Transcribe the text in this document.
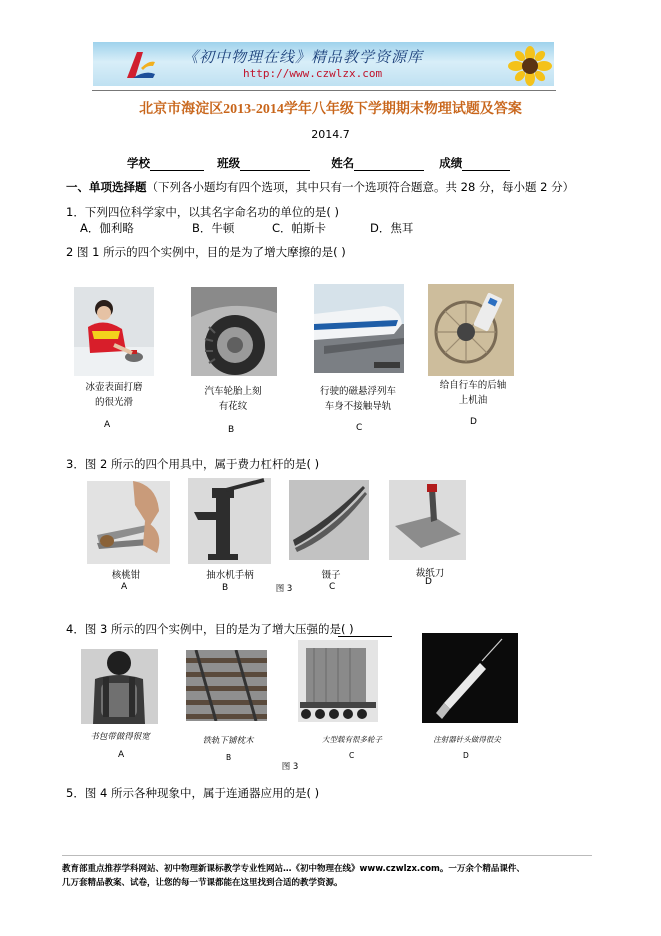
《初中物理在线》精品教学资源库
http://www.czwlzx.com
北京市海淀区2013-2014学年八年级下学期期末物理试题及答案
2014.7
学校	班级	姓名	成绩
一、单项选择题（下列各小题均有四个选项，其中只有一个选项符合题意。共 28 分，每小题 2 分）
1．下列四位科学家中，以其名字命名功的单位的是( )
A．伽利略	B．牛顿	C．帕斯卡	D．焦耳
2 图 1 所示的四个实例中，目的是为了增大摩擦的是( )
冰壶表面打磨
的很光滑
汽车轮胎上刻
有花纹
行驶的磁悬浮列车
车身不接触导轨
给自行车的后轴
上机油
A	B	C
D
3．图 2 所示的四个用具中，属于费力杠杆的是( )
核桃钳	抽水机手柄	镊子	裁纸刀
图 3
A	B	C	D
4．图 3 所示的四个实例中，目的是为了增大压强的是( )
书包带做得很宽	铁轨下铺枕木	大型载有很多轮子	注射器针头做得很尖
A	B	C	D
图 3
5．图 4 所示各种现象中，属于连通器应用的是( )
教育部重点推荐学科网站、初中物理新课标教学专业性网站…《初中物理在线》www.czwlzx.com。一万余个精品课件、
几万套精品教案、试卷，让您的每一节课都能在这里找到合适的教学资源。
